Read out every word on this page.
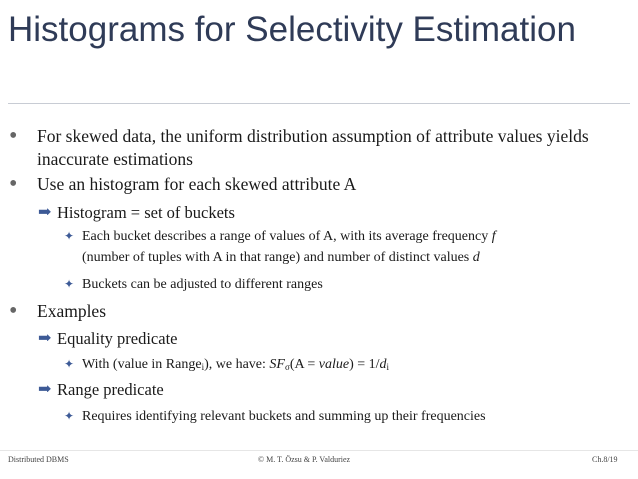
Histograms for Selectivity Estimation
• For skewed data, the uniform distribution assumption of attribute values yields inaccurate estimations
• Use an histogram for each skewed attribute A
➡ Histogram = set of buckets
✦ Each bucket describes a range of values of A, with its average frequency f
(number of tuples with A in that range) and number of distinct values d
✦ Buckets can be adjusted to different ranges
• Examples
➡ Equality predicate
✦ With (value in Range$_i$), we have: $SF_\sigma(A$ = value) = $1/d_i$
➡ Range predicate
✦ Requires identifying relevant buckets and summing up their frequencies
Distributed DBMS	© M. T. Özsu & P. Valduriez	Ch.8/19
